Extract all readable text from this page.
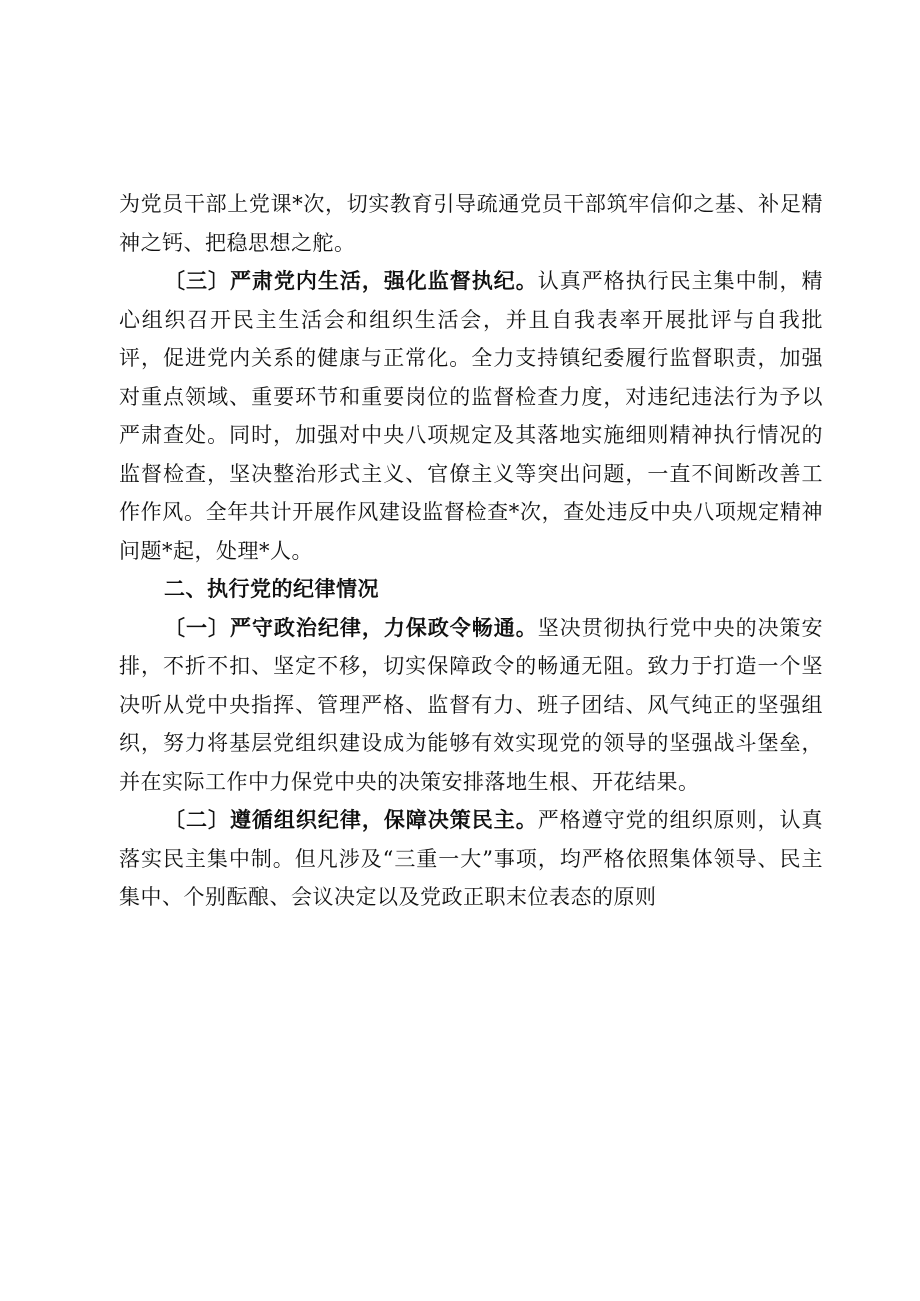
为党员干部上党课*次，切实教育引导疏通党员干部筑牢信仰之基、补足精神之钙、把稳思想之舵。

〔三〕严肃党内生活，强化监督执纪。认真严格执行民主集中制，精心组织召开民主生活会和组织生活会，并且自我表率开展批评与自我批评，促进党内关系的健康与正常化。全力支持镇纪委履行监督职责，加强对重点领域、重要环节和重要岗位的监督检查力度，对违纪违法行为予以严肃查处。同时，加强对中央八项规定及其落地实施细则精神执行情况的监督检查，坚决整治形式主义、官僚主义等突出问题，一直不间断改善工作作风。全年共计开展作风建设监督检查*次，查处违反中央八项规定精神问题*起，处理*人。

二、执行党的纪律情况

〔一〕严守政治纪律，力保政令畅通。坚决贯彻执行党中央的决策安排，不折不扣、坚定不移，切实保障政令的畅通无阻。致力于打造一个坚决听从党中央指挥、管理严格、监督有力、班子团结、风气纯正的坚强组织，努力将基层党组织建设成为能够有效实现党的领导的坚强战斗堡垒，并在实际工作中力保党中央的决策安排落地生根、开花结果。

〔二〕遵循组织纪律，保障决策民主。严格遵守党的组织原则，认真落实民主集中制。但凡涉及“三重一大”事项，均严格依照集体领导、民主集中、个别酝酿、会议决定以及党政正职末位表态的原则
